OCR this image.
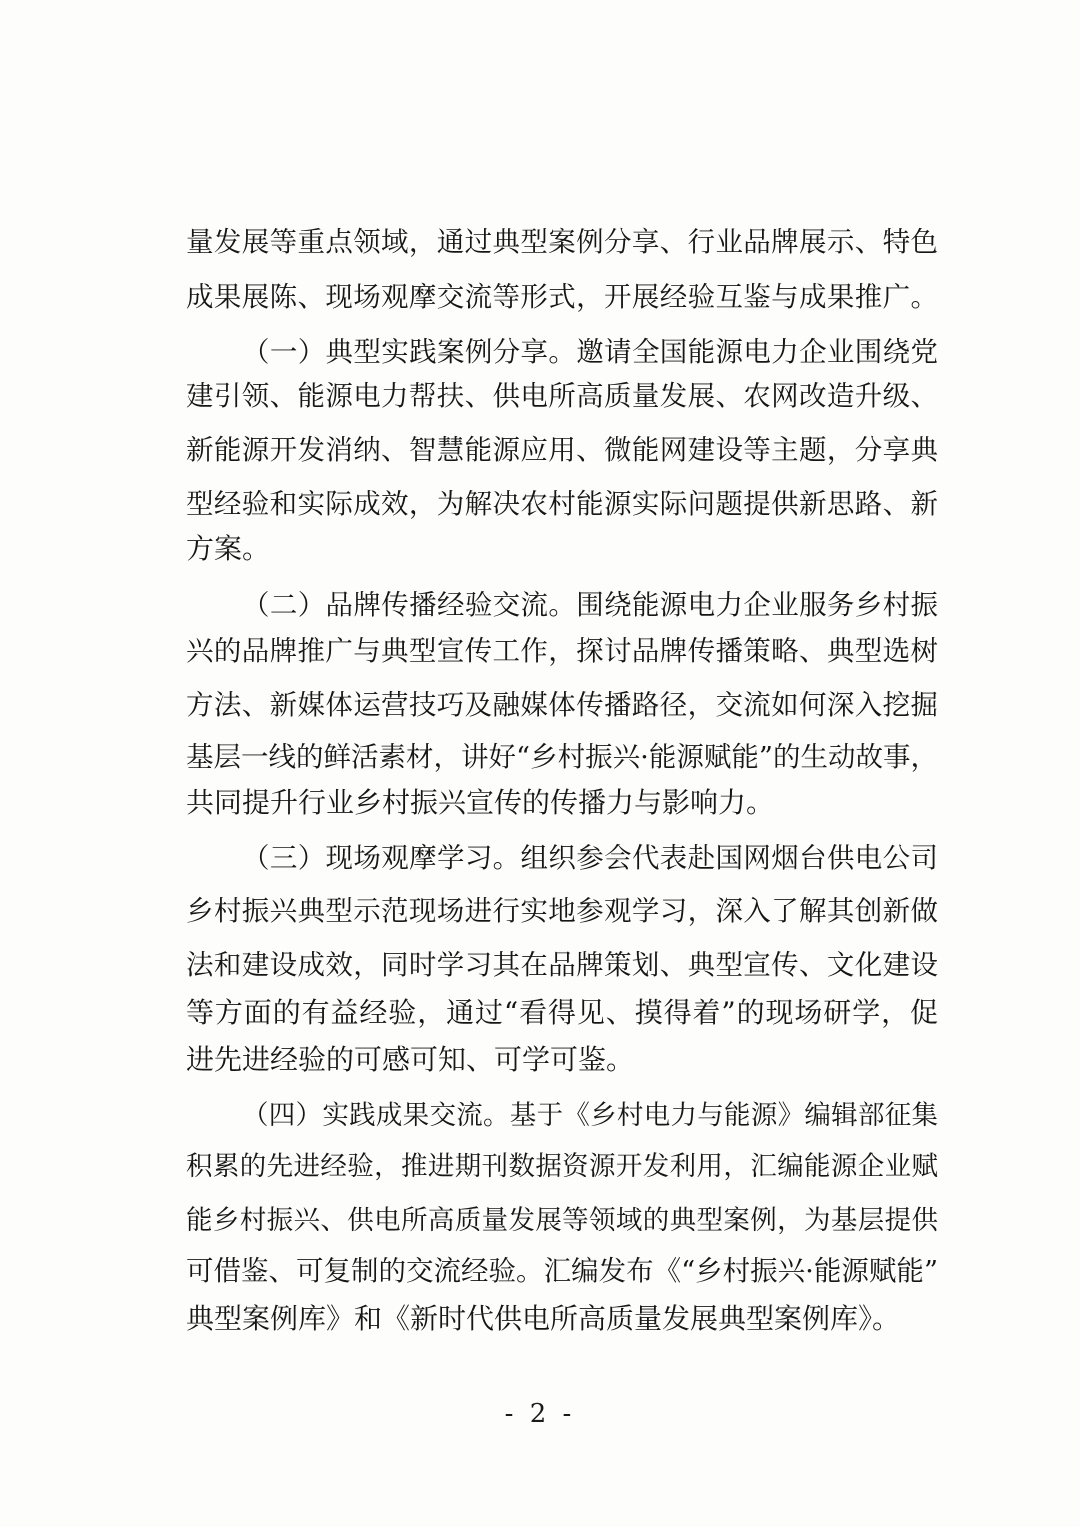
量发展等重点领域，通过典型案例分享、行业品牌展示、特色
成果展陈、现场观摩交流等形式，开展经验互鉴与成果推广。
（一）典型实践案例分享。邀请全国能源电力企业围绕党
建引领、能源电力帮扶、供电所高质量发展、农网改造升级、
新能源开发消纳、智慧能源应用、微能网建设等主题，分享典
型经验和实际成效，为解决农村能源实际问题提供新思路、新
方案。
（二）品牌传播经验交流。围绕能源电力企业服务乡村振
兴的品牌推广与典型宣传工作，探讨品牌传播策略、典型选树
方法、新媒体运营技巧及融媒体传播路径，交流如何深入挖掘
基层一线的鲜活素材，讲好“乡村振兴·能源赋能”的生动故事，
共同提升行业乡村振兴宣传的传播力与影响力。
（三）现场观摩学习。组织参会代表赴国网烟台供电公司
乡村振兴典型示范现场进行实地参观学习，深入了解其创新做
法和建设成效，同时学习其在品牌策划、典型宣传、文化建设
等方面的有益经验，通过“看得见、摸得着”的现场研学，促
进先进经验的可感可知、可学可鉴。
（四）实践成果交流。基于《乡村电力与能源》编辑部征集
积累的先进经验，推进期刊数据资源开发利用，汇编能源企业赋
能乡村振兴、供电所高质量发展等领域的典型案例，为基层提供
可借鉴、可复制的交流经验。汇编发布《“乡村振兴·能源赋能”
典型案例库》和《新时代供电所高质量发展典型案例库》。
- 2 -
